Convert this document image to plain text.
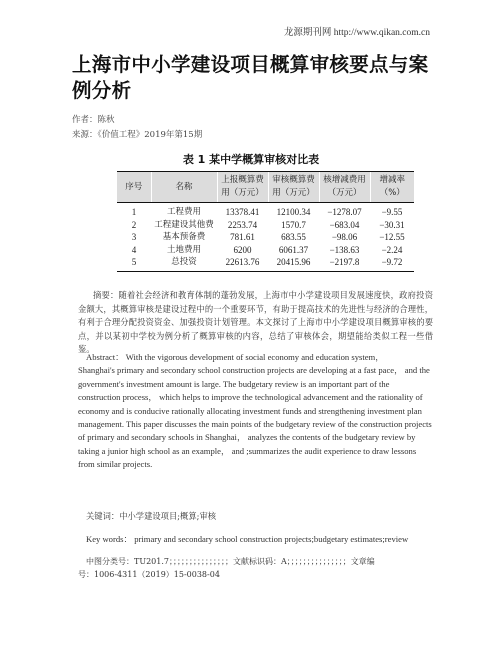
龙源期刊网 http://www.qikan.com.cn
上海市中小学建设项目概算审核要点与案例分析
作者：陈秋
来源：《价值工程》2019年第15期
表 1 某中学概算审核对比表
序号	名称	上报概算费用（万元）	审核概算费用（万元）	核增减费用（万元）	增减率（%）
1	工程费用	13378.41	12100.34	−1278.07	−9.55
2	工程建设其他费	2253.74	1570.7	−683.04	−30.31
3	基本预备费	781.61	683.55	−98.06	−12.55
4	土地费用	6200	6061.37	−138.63	−2.24
5	总投资	22613.76	20415.96	−2197.8	−9.72
摘要：随着社会经济和教育体制的蓬勃发展，上海市中小学建设项目发展速度快，政府投资金额大，其概算审核是建设过程中的一个重要环节，有助于提高技术的先进性与经济的合理性，有利于合理分配投资资金、加强投资计划管理。本文探讨了上海市中小学建设项目概算审核的要点，并以某初中学校为例分析了概算审核的内容，总结了审核体会，期望能给类似工程一些借鉴。
Abstract： With the vigorous development of social economy and education system，
Shanghai's primary and secondary school construction projects are developing at a fast pace， and the government's investment amount is large. The budgetary review is an important part of the construction process， which helps to improve the technological advancement and the rationality of economy and is conducive rationally allocating investment funds and strengthening investment plan management. This paper discusses the main points of the budgetary review of the construction projects of primary and secondary schools in Shanghai， analyzes the contents of the budgetary review by taking a junior high school as an example， and ;summarizes the audit experience to draw lessons from similar projects.
关键词：中小学建设项目;概算;审核
Key words： primary and secondary school construction projects;budgetary estimates;review
中图分类号：TU201.7；；；；；；；；；；；；；；；文献标识码：A；；；；；；；；；；；；；；；文章编
号：1006-4311（2019）15-0038-04
